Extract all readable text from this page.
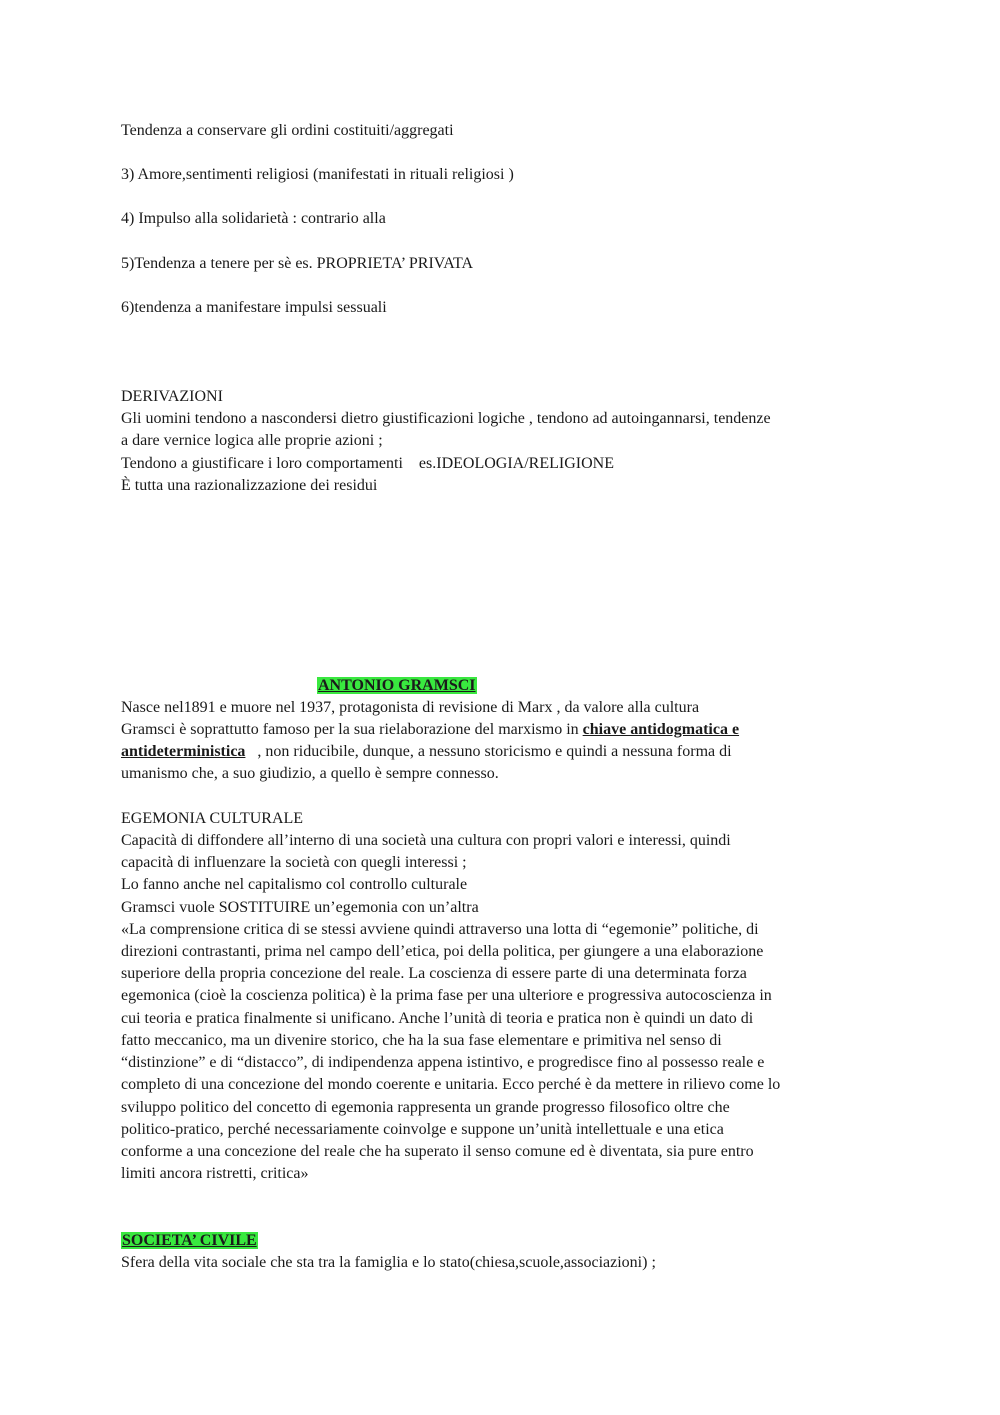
Tendenza a conservare gli ordini costituiti/aggregati
3) Amore,sentimenti religiosi (manifestati in rituali religiosi )
4) Impulso alla solidarietà : contrario alla
5)Tendenza a tenere per sè es. PROPRIETA’ PRIVATA
6)tendenza a manifestare impulsi sessuali
DERIVAZIONI
Gli uomini tendono a nascondersi dietro giustificazioni logiche , tendono ad autoingannarsi, tendenze
a dare vernice logica alle proprie azioni ;
Tendono a giustificare i loro comportamenti    es.IDEOLOGIA/RELIGIONE
È tutta una razionalizzazione dei residui
ANTONIO GRAMSCI
Nasce nel1891 e muore nel 1937, protagonista di revisione di Marx , da valore alla cultura
Gramsci è soprattutto famoso per la sua rielaborazione del marxismo in chiave antidogmatica e
antideterministica   , non riducibile, dunque, a nessuno storicismo e quindi a nessuna forma di
umanismo che, a suo giudizio, a quello è sempre connesso.
EGEMONIA CULTURALE
Capacità di diffondere all’interno di una società una cultura con propri valori e interessi, quindi
capacità di influenzare la società con quegli interessi ;
Lo fanno anche nel capitalismo col controllo culturale
Gramsci vuole SOSTITUIRE un’egemonia con un’altra
«La comprensione critica di se stessi avviene quindi attraverso una lotta di “egemonie” politiche, di
direzioni contrastanti, prima nel campo dell’etica, poi della politica, per giungere a una elaborazione
superiore della propria concezione del reale. La coscienza di essere parte di una determinata forza
egemonica (cioè la coscienza politica) è la prima fase per una ulteriore e progressiva autocoscienza in
cui teoria e pratica finalmente si unificano. Anche l’unità di teoria e pratica non è quindi un dato di
fatto meccanico, ma un divenire storico, che ha la sua fase elementare e primitiva nel senso di
“distinzione” e di “distacco”, di indipendenza appena istintivo, e progredisce fino al possesso reale e
completo di una concezione del mondo coerente e unitaria. Ecco perché è da mettere in rilievo come lo
sviluppo politico del concetto di egemonia rappresenta un grande progresso filosofico oltre che
politico-pratico, perché necessariamente coinvolge e suppone un’unità intellettuale e una etica
conforme a una concezione del reale che ha superato il senso comune ed è diventata, sia pure entro
limiti ancora ristretti, critica»
SOCIETA’ CIVILE
Sfera della vita sociale che sta tra la famiglia e lo stato(chiesa,scuole,associazioni) ;
